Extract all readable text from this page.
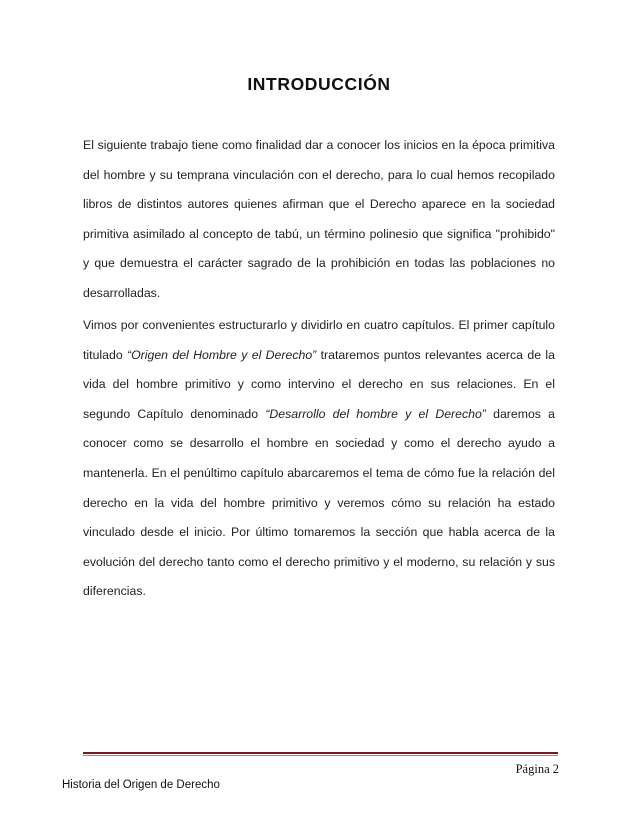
INTRODUCCIÓN

El siguiente trabajo tiene como finalidad dar a conocer los inicios en la época primitiva del hombre y su temprana vinculación con el derecho, para lo cual hemos recopilado libros de distintos autores quienes afirman que el Derecho aparece en la sociedad primitiva asimilado al concepto de tabú, un término polinesio que significa "prohibido" y que demuestra el carácter sagrado de la prohibición en todas las poblaciones no desarrolladas.

Vimos por convenientes estructurarlo y dividirlo en cuatro capítulos. El primer capítulo titulado “Origen del Hombre y el Derecho” trataremos puntos relevantes acerca de la vida del hombre primitivo y como intervino el derecho en sus relaciones. En el segundo Capítulo denominado “Desarrollo del hombre y el Derecho” daremos a conocer como se desarrollo el hombre en sociedad y como el derecho ayudo a mantenerla. En el penúltimo capítulo abarcaremos el tema de cómo fue la relación del derecho en la vida del hombre primitivo y veremos cómo su relación ha estado vinculado desde el inicio. Por último tomaremos la sección que habla acerca de la evolución del derecho tanto como el derecho primitivo y el moderno, su relación y sus diferencias.

Página 2
Historia del Origen de Derecho
